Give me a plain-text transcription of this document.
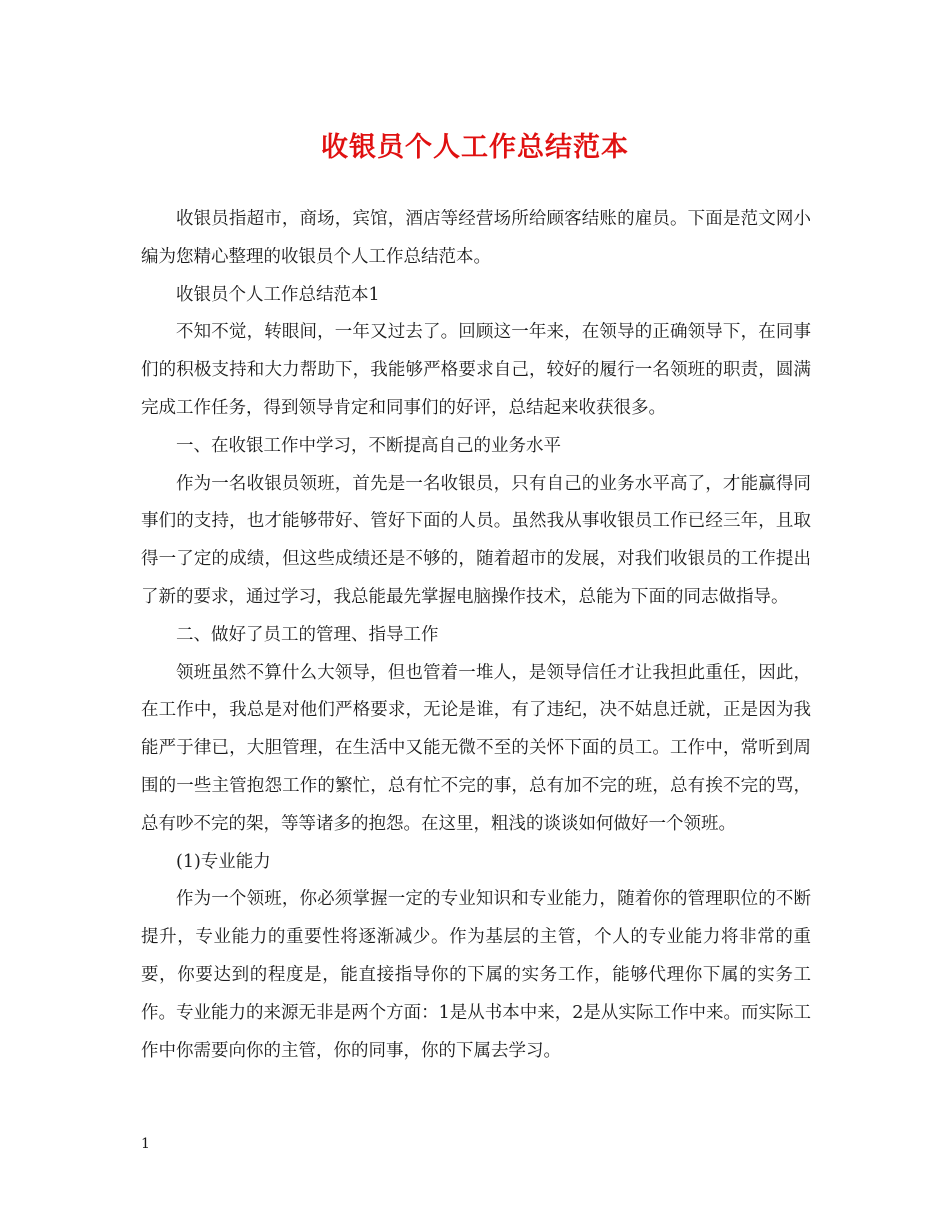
收银员个人工作总结范本

收银员指超市，商场，宾馆，酒店等经营场所给顾客结账的雇员。下面是范文网小编为您精心整理的收银员个人工作总结范本。

收银员个人工作总结范本1

不知不觉，转眼间，一年又过去了。回顾这一年来，在领导的正确领导下，在同事们的积极支持和大力帮助下，我能够严格要求自己，较好的履行一名领班的职责，圆满完成工作任务，得到领导肯定和同事们的好评，总结起来收获很多。

一、在收银工作中学习，不断提高自己的业务水平

作为一名收银员领班，首先是一名收银员，只有自己的业务水平高了，才能赢得同事们的支持，也才能够带好、管好下面的人员。虽然我从事收银员工作已经三年，且取得一了定的成绩，但这些成绩还是不够的，随着超市的发展，对我们收银员的工作提出了新的要求，通过学习，我总能最先掌握电脑操作技术，总能为下面的同志做指导。

二、做好了员工的管理、指导工作

领班虽然不算什么大领导，但也管着一堆人，是领导信任才让我担此重任，因此，在工作中，我总是对他们严格要求，无论是谁，有了违纪，决不姑息迁就，正是因为我能严于律已，大胆管理，在生活中又能无微不至的关怀下面的员工。工作中，常听到周围的一些主管抱怨工作的繁忙，总有忙不完的事，总有加不完的班，总有挨不完的骂，总有吵不完的架，等等诸多的抱怨。在这里，粗浅的谈谈如何做好一个领班。

(1)专业能力

作为一个领班，你必须掌握一定的专业知识和专业能力，随着你的管理职位的不断提升，专业能力的重要性将逐渐减少。作为基层的主管，个人的专业能力将非常的重要，你要达到的程度是，能直接指导你的下属的实务工作，能够代理你下属的实务工作。专业能力的来源无非是两个方面：1是从书本中来，2是从实际工作中来。而实际工作中你需要向你的主管，你的同事，你的下属去学习。

1
